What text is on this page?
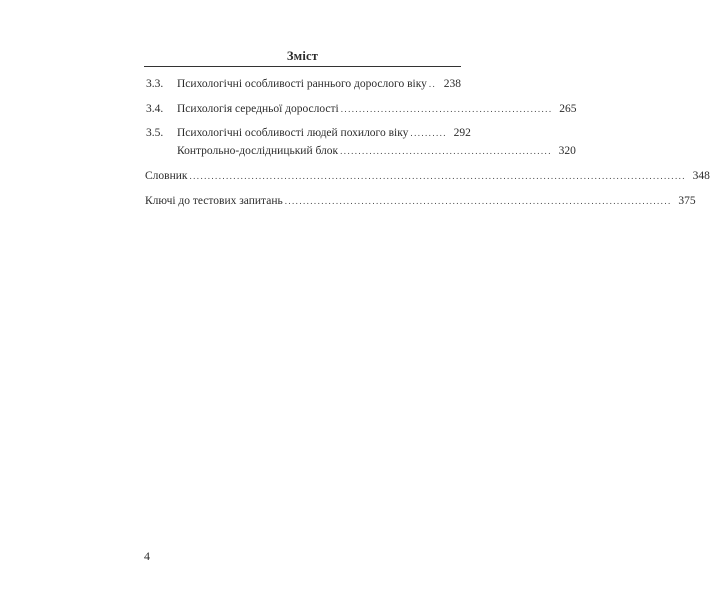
Зміст
3.3. Психологічні особливості раннього дорослого віку .. 238
3.4. Психологія середньої дорослості .......................................................... 265
3.5. Психологічні особливості людей похилого віку .......... 292
Контрольно-дослідницький блок .......................................................... 320
Словник ........................................................................................................................................ 348
Ключі до тестових запитань .......................................................................................................... 375
4
